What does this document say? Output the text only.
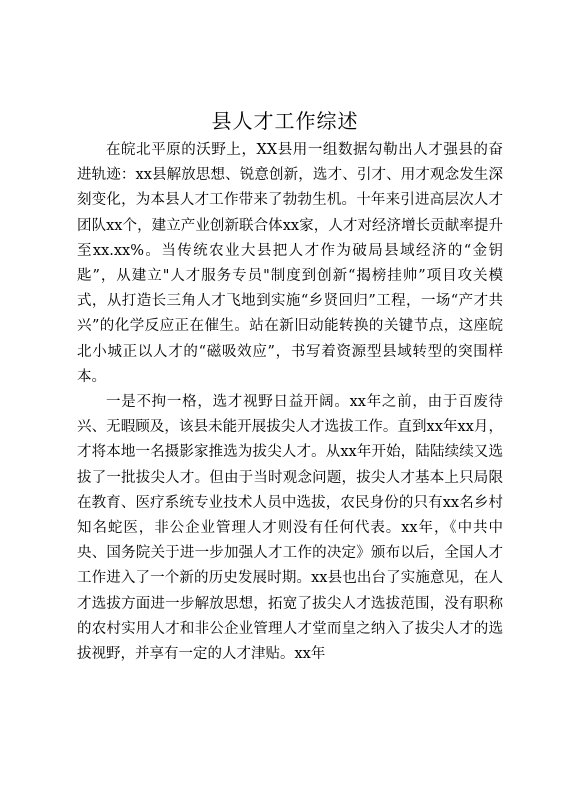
县人才工作综述

在皖北平原的沃野上，XX县用一组数据勾勒出人才强县的奋进轨迹：xx县解放思想、锐意创新，选才、引才、用才观念发生深刻变化，为本县人才工作带来了勃勃生机。十年来引进高层次人才团队xx个，建立产业创新联合体xx家，人才对经济增长贡献率提升至xx.xx%。当传统农业大县把人才作为破局县域经济的“金钥匙”，从建立"人才服务专员"制度到创新“揭榜挂帅”项目攻关模式，从打造长三角人才飞地到实施“乡贤回归”工程，一场“产才共兴”的化学反应正在催生。站在新旧动能转换的关键节点，这座皖北小城正以人才的“磁吸效应”，书写着资源型县域转型的突围样本。

一是不拘一格，选才视野日益开阔。xx年之前，由于百废待兴、无暇顾及，该县未能开展拔尖人才选拔工作。直到xx年xx月，才将本地一名摄影家推选为拔尖人才。从xx年开始，陆陆续续又选拔了一批拔尖人才。但由于当时观念问题，拔尖人才基本上只局限在教育、医疗系统专业技术人员中选拔，农民身份的只有xx名乡村知名蛇医，非公企业管理人才则没有任何代表。xx年，《中共中央、国务院关于进一步加强人才工作的决定》颁布以后，全国人才工作进入了一个新的历史发展时期。xx县也出台了实施意见，在人才选拔方面进一步解放思想，拓宽了拔尖人才选拔范围，没有职称的农村实用人才和非公企业管理人才堂而皇之纳入了拔尖人才的选拔视野，并享有一定的人才津贴。xx年
